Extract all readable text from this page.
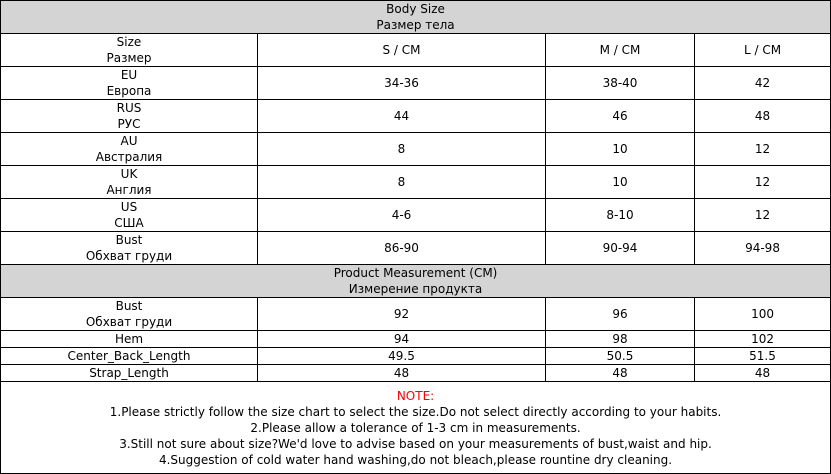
Body Size
Размер тела			

Size
Размер	S / CM	M / CM	L / CM

EU
Европа	34-36	38-40	42

RUS
РУС	44	46	48

AU
Австралия	8	10	12

UK
Англия	8	10	12

US
США	4-6	8-10	12

Bust
Обхват груди	86-90	90-94	94-98

Product Measurement (CM)
Измерение продукта			

Bust
Обхват груди	92	96	100
Hem	94	98	102
Center_Back_Length	49.5	50.5	51.5
Strap_Length	48	48	48

NOTE:
1.Please strictly follow the size chart to select the size.Do not select directly according to your habits.
2.Please allow a tolerance of 1-3 cm in measurements.
3.Still not sure about size?We'd love to advise based on your measurements of bust,waist and hip.
4.Suggestion of cold water hand washing,do not bleach,please rountine dry cleaning.			
